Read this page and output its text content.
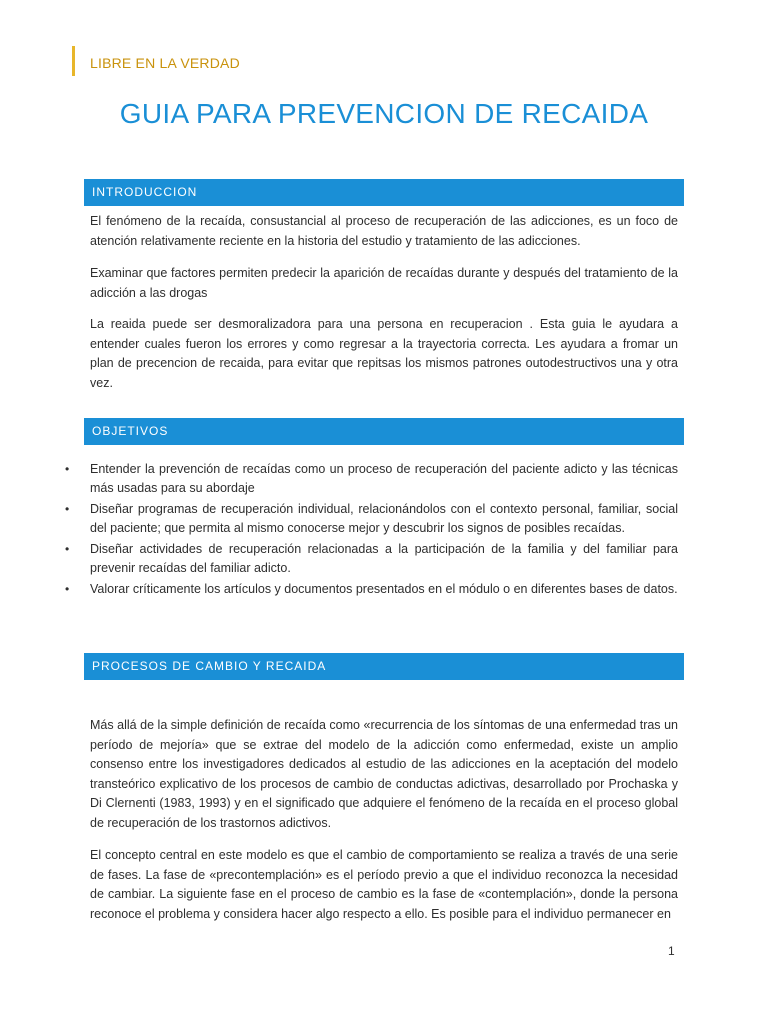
LIBRE EN LA VERDAD
GUIA PARA PREVENCION DE RECAIDA
INTRODUCCION
El fenómeno de la recaída, consustancial al proceso de recuperación de las adicciones, es un foco de atención relativamente reciente en la historia del estudio y tratamiento de las adicciones.
Examinar que factores permiten predecir la aparición de recaídas durante y después del tratamiento de la adicción a las drogas
La reaida puede ser desmoralizadora para una persona en recuperacion . Esta guia le ayudara a entender cuales fueron los errores y como regresar a la trayectoria correcta. Les ayudara a fromar un plan de precencion de recaida, para evitar que repitsas los mismos patrones outodestructivos una y otra vez.
OBJETIVOS
• Entender la prevención de recaídas como un proceso de recuperación del paciente adicto y las técnicas más usadas para su abordaje
• Diseñar programas de recuperación individual, relacionándolos con el contexto personal, familiar, social del paciente; que permita al mismo conocerse mejor y descubrir los signos de posibles recaídas.
• Diseñar actividades de recuperación relacionadas a la participación de la familia y del familiar para prevenir recaídas del familiar adicto.
• Valorar críticamente los artículos y documentos presentados en el módulo o en diferentes bases de datos.
PROCESOS DE CAMBIO Y RECAIDA
Más allá de la simple definición de recaída como «recurrencia de los síntomas de una enfermedad tras un período de mejoría» que se extrae del modelo de la adicción como enfermedad, existe un amplio consenso entre los investigadores dedicados al estudio de las adicciones en la aceptación del modelo transteórico explicativo de los procesos de cambio de conductas adictivas, desarrollado por Prochaska y Di Clernenti (1983, 1993) y en el significado que adquiere el fenómeno de la recaída en el proceso global de recuperación de los trastornos adictivos.
El concepto central en este modelo es que el cambio de comportamiento se realiza a través de una serie de fases. La fase de «precontemplación» es el período previo a que el individuo reconozca la necesidad de cambiar. La siguiente fase en el proceso de cambio es la fase de «contemplación», donde la persona reconoce el problema y considera hacer algo respecto a ello. Es posible para el individuo permanecer en
1
